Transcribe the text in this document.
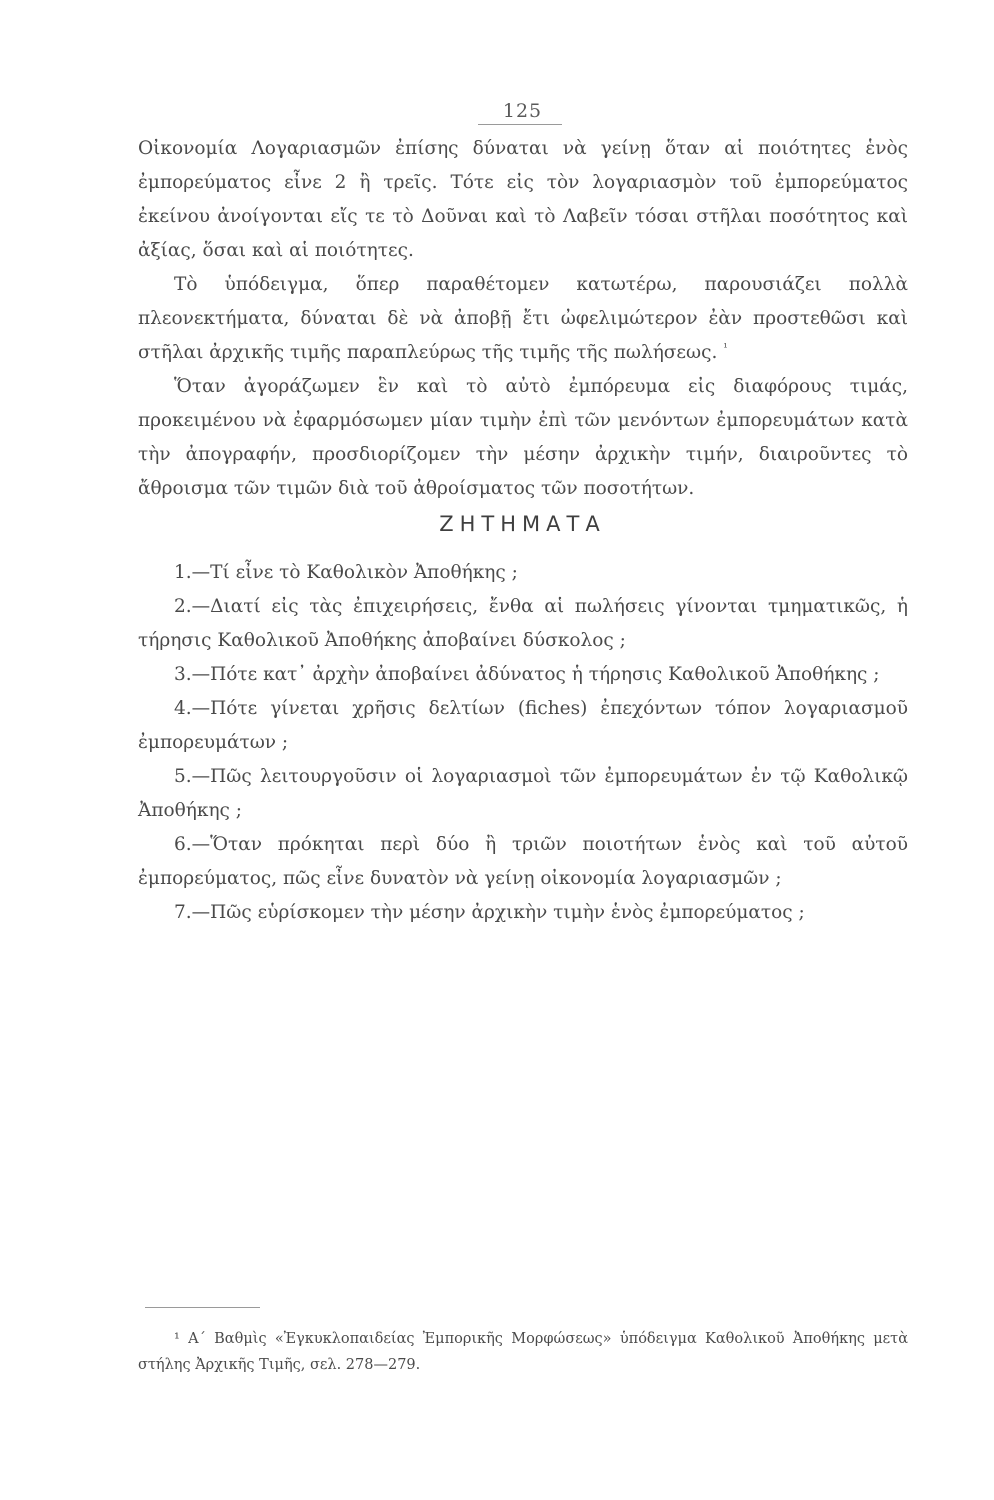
125

Οἰκονομία Λογαριασμῶν ἐπίσης δύναται νὰ γείνῃ ὅταν αἱ ποιότητες ἑνὸς ἐμπορεύματος εἶνε 2 ἢ τρεῖς. Τότε εἰς τὸν λογαριασμὸν τοῦ ἐμπορεύματος ἐκείνου ἀνοίγονται εἴς τε τὸ Δοῦναι καὶ τὸ Λαβεῖν τόσαι στῆλαι ποσότητος καὶ ἀξίας, ὅσαι καὶ αἱ ποιότητες.

Τὸ ὑπόδειγμα, ὅπερ παραθέτομεν κατωτέρω, παρουσιάζει πολλὰ πλεονεκτήματα, δύναται δὲ νὰ ἀποβῇ ἔτι ὠφελιμώτερον ἐὰν προστεθῶσι καὶ στῆλαι ἀρχικῆς τιμῆς παραπλεύρως τῆς τιμῆς τῆς πωλήσεως. $^{^1}$

Ὅταν ἀγοράζωμεν ἓν καὶ τὸ αὐτὸ ἐμπόρευμα εἰς διαφόρους τιμάς, προκειμένου νὰ ἐφαρμόσωμεν μίαν τιμὴν ἐπὶ τῶν μενόντων ἐμπορευμάτων κατὰ τὴν ἀπογραφήν, προσδιορίζομεν τὴν μέσην ἀρχικὴν τιμήν, διαιροῦντες τὸ ἄθροισμα τῶν τιμῶν διὰ τοῦ ἀθροίσματος τῶν ποσοτήτων.

ΖΗΤΗΜΑΤΑ
1.—Τί εἶνε τὸ Καθολικὸν Ἀποθήκης ;
2.—Διατί εἰς τὰς ἐπιχειρήσεις, ἔνθα αἱ πωλήσεις γίνονται τμηματικῶς, ἡ τήρησις Καθολικοῦ Ἀποθήκης ἀποβαίνει δύσκολος ;
3.—Πότε κατ᾽ ἀρχὴν ἀποβαίνει ἀδύνατος ἡ τήρησις Καθολικοῦ Ἀποθήκης ;
4.—Πότε γίνεται χρῆσις δελτίων (fiches) ἐπεχόντων τόπον λογαριασμοῦ ἐμπορευμάτων ;
5.—Πῶς λειτουργοῦσιν οἱ λογαριασμοὶ τῶν ἐμπορευμάτων ἐν τῷ Καθολικῷ Ἀποθήκης ;
6.—Ὅταν πρόκηται περὶ δύο ἢ τριῶν ποιοτήτων ἑνὸς καὶ τοῦ αὐτοῦ ἐμπορεύματος, πῶς εἶνε δυνατὸν νὰ γείνῃ οἰκονομία λογαριασμῶν ;
7.—Πῶς εὑρίσκομεν τὴν μέσην ἀρχικὴν τιμὴν ἑνὸς ἐμπορεύματος ;

¹ Α΄ Βαθμὶς «Ἐγκυκλοπαιδείας Ἐμπορικῆς Μορφώσεως» ὑπόδειγμα Καθολικοῦ Ἀποθήκης μετὰ στήλης Ἀρχικῆς Τιμῆς, σελ. 278—279.
